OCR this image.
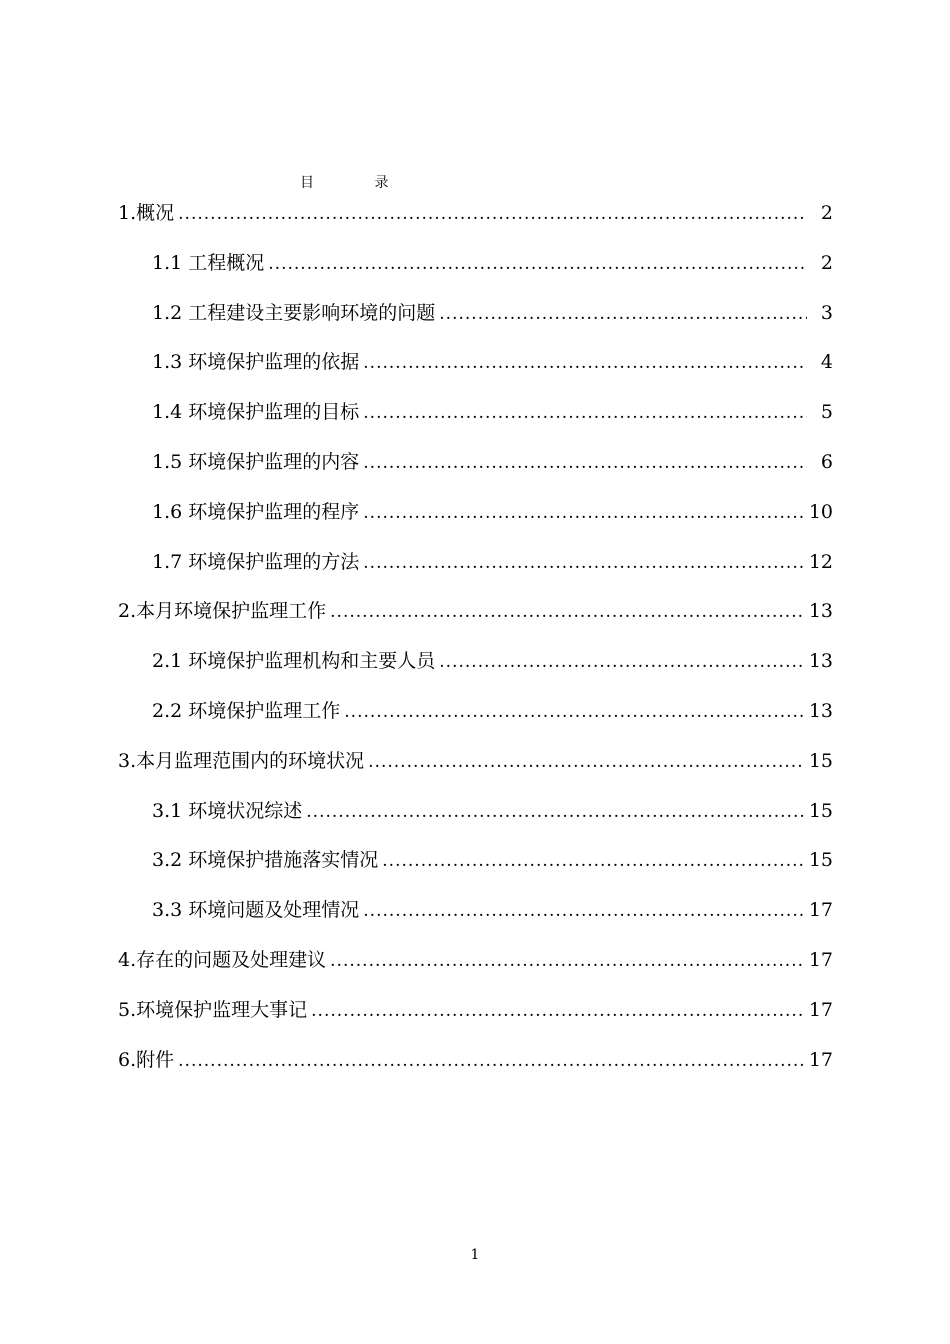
目 录
1.概况 .....	2
1.1 工程概况 .....	2
1.2 工程建设主要影响环境的问题 .....	3
1.3 环境保护监理的依据 .....	4
1.4 环境保护监理的目标 .....	5
1.5 环境保护监理的内容 .....	6
1.6 环境保护监理的程序 .....	10
1.7 环境保护监理的方法 .....	12
2.本月环境保护监理工作 .....	13
2.1 环境保护监理机构和主要人员 .....	13
2.2 环境保护监理工作 .....	13
3.本月监理范围内的环境状况 .....	15
3.1 环境状况综述 .....	15
3.2 环境保护措施落实情况 .....	15
3.3 环境问题及处理情况 .....	17
4.存在的问题及处理建议 .....	17
5.环境保护监理大事记 .....	17
6.附件 .....	17
1
